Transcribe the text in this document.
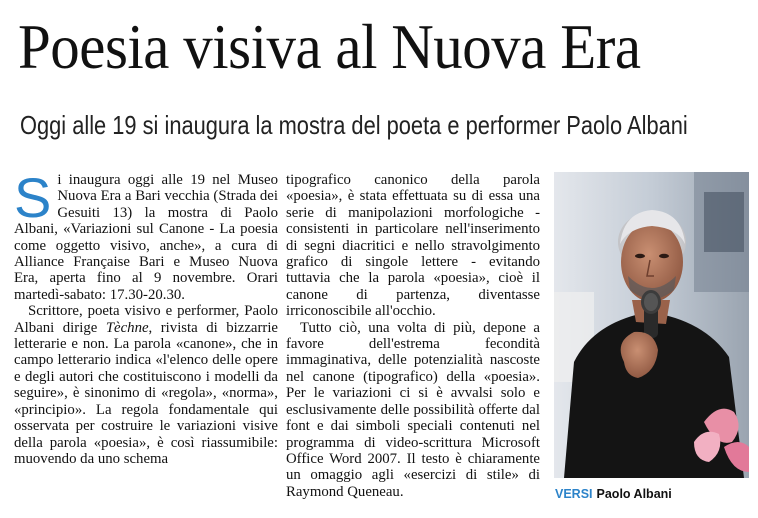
Poesia visiva al Nuova Era
Oggi alle 19 si inaugura la mostra del poeta e performer Paolo Albani

Si inaugura oggi alle 19 nel Museo Nuova Era a Bari vecchia (Strada dei Gesuiti 13) la mostra di Paolo Albani, «Variazioni sul Canone - La poesia come oggetto visivo, anche», a cura di Alliance Française Bari e Museo Nuova Era, aperta fino al 9 novembre. Orari martedì-sabato: 17.30-20.30.

Scrittore, poeta visivo e performer, Paolo Albani dirige Tèchne, rivista di bizzarrie letterarie e non. La parola «canone», che in campo letterario indica «l'elenco delle opere e degli autori che costituiscono i modelli da seguire», è sinonimo di «regola», «norma», «principio». La regola fondamentale qui osservata per costruire le variazioni visive della parola «poesia», è così riassumibile: muovendo da uno schema

tipografico canonico della parola «poesia», è stata effettuata su di essa una serie di manipolazioni morfologiche - consistenti in particolare nell'inserimento di segni diacritici e nello stravolgimento grafico di singole lettere - evitando tuttavia che la parola «poesia», cioè il canone di partenza, diventasse irriconoscibile all'occhio.

Tutto ciò, una volta di più, depone a favore dell'estrema fecondità immaginativa, delle potenzialità nascoste nel canone (tipografico) della «poesia». Per le variazioni ci si è avvalsi solo e esclusivamente delle possibilità offerte dal font e dai simboli speciali contenuti nel programma di video-scrittura Microsoft Office Word 2007. Il testo è chiaramente un omaggio agli «esercizi di stile» di Raymond Queneau.	VERSI Paolo Albani
